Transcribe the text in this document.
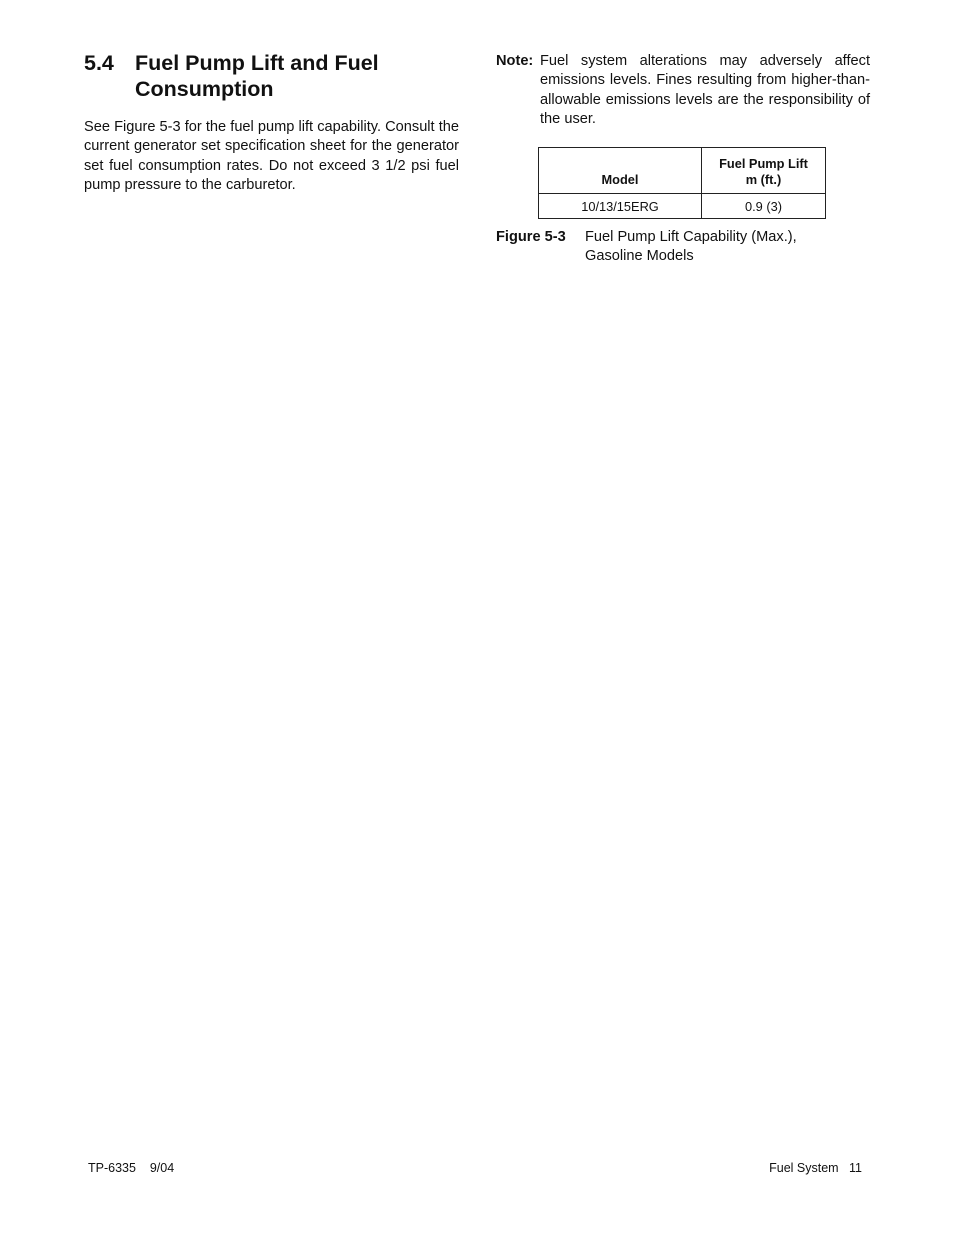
5.4 Fuel Pump Lift and Fuel Consumption

See Figure 5-3 for the fuel pump lift capability. Consult the current generator set specification sheet for the generator set fuel consumption rates. Do not exceed 3 1/2 psi fuel pump pressure to the carburetor.

Note: Fuel system alterations may adversely affect emissions levels. Fines resulting from higher-than-allowable emissions levels are the responsibility of the user.
Model	Fuel Pump Lift
m (ft.)
10/13/15ERG	0.9 (3)
Figure 5-3	Fuel Pump Lift Capability (Max.),
Gasoline Models
TP-6335 9/04	Fuel System 11
